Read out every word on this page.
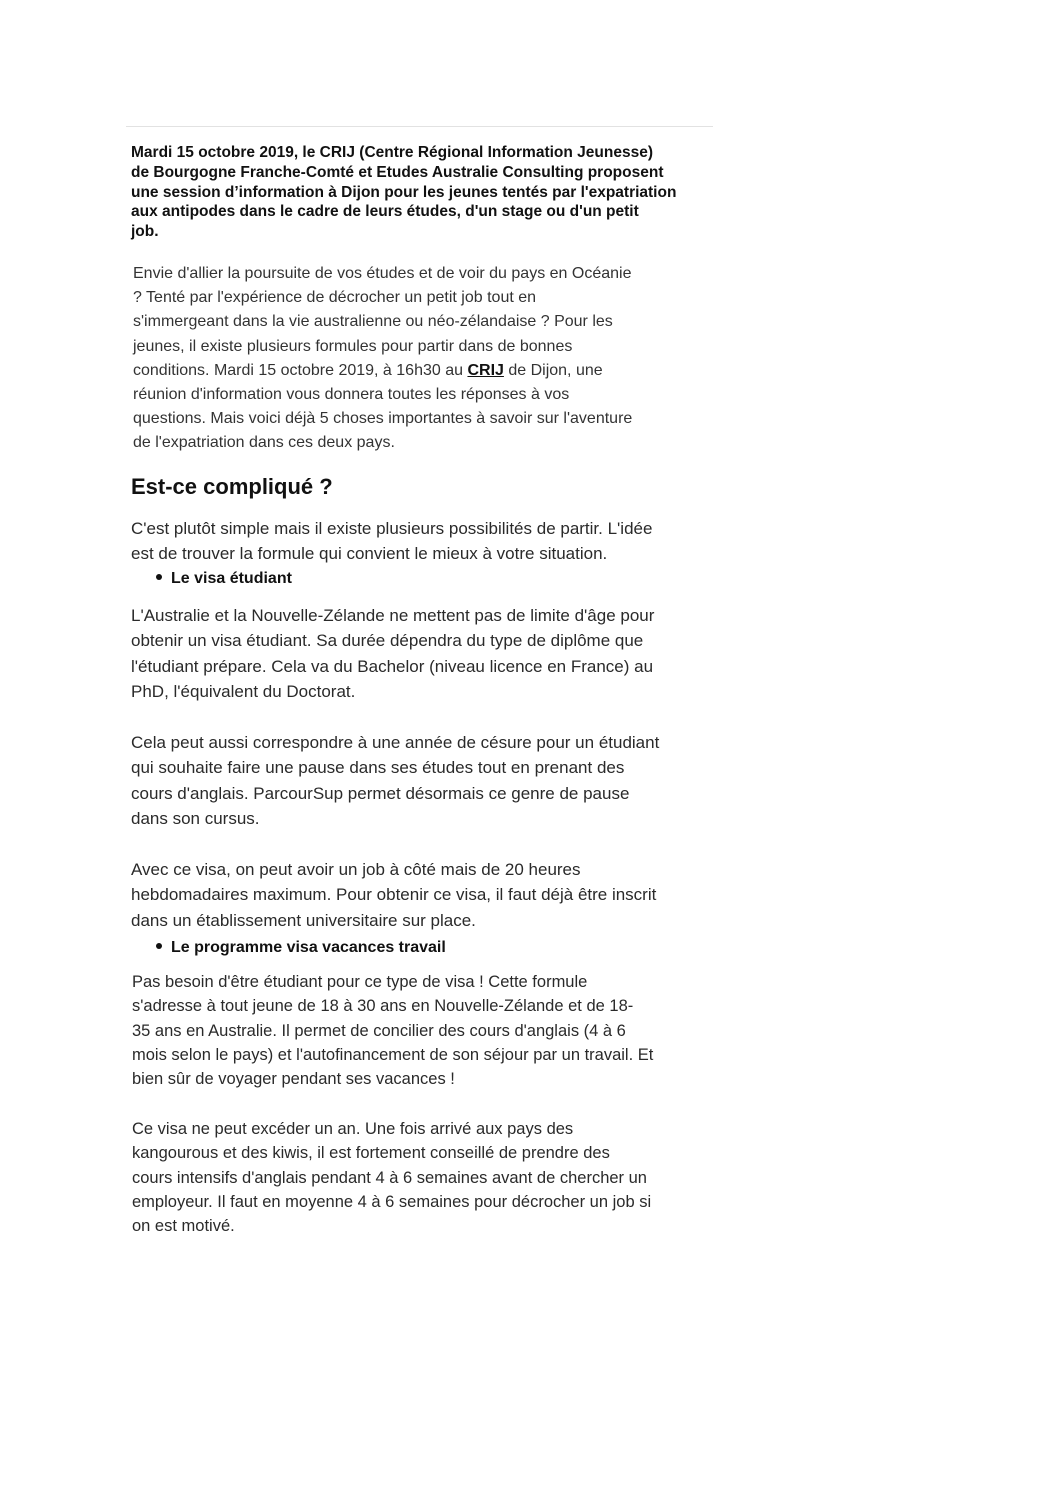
Mardi 15 octobre 2019, le CRIJ (Centre Régional Information Jeunesse)
de Bourgogne Franche-Comté et Etudes Australie Consulting proposent
une session d’information à Dijon pour les jeunes tentés par l'expatriation
aux antipodes dans le cadre de leurs études, d'un stage ou d'un petit
job.
Envie d'allier la poursuite de vos études et de voir du pays en Océanie
? Tenté par l'expérience de décrocher un petit job tout en
s'immergeant dans la vie australienne ou néo-zélandaise ? Pour les
jeunes, il existe plusieurs formules pour partir dans de bonnes
conditions. Mardi 15 octobre 2019, à 16h30 au CRIJ de Dijon, une
réunion d'information vous donnera toutes les réponses à vos
questions. Mais voici déjà 5 choses importantes à savoir sur l'aventure
de l'expatriation dans ces deux pays.
Est-ce compliqué ?
C'est plutôt simple mais il existe plusieurs possibilités de partir. L'idée
est de trouver la formule qui convient le mieux à votre situation.
Le visa étudiant
L'Australie et la Nouvelle-Zélande ne mettent pas de limite d'âge pour
obtenir un visa étudiant. Sa durée dépendra du type de diplôme que
l'étudiant prépare. Cela va du Bachelor (niveau licence en France) au
PhD, l'équivalent du Doctorat.
Cela peut aussi correspondre à une année de césure pour un étudiant
qui souhaite faire une pause dans ses études tout en prenant des
cours d'anglais. ParcourSup permet désormais ce genre de pause
dans son cursus.
Avec ce visa, on peut avoir un job à côté mais de 20 heures
hebdomadaires maximum. Pour obtenir ce visa, il faut déjà être inscrit
dans un établissement universitaire sur place.
Le programme visa vacances travail
Pas besoin d'être étudiant pour ce type de visa ! Cette formule
s'adresse à tout jeune de 18 à 30 ans en Nouvelle-Zélande et de 18-
35 ans en Australie. Il permet de concilier des cours d'anglais (4 à 6
mois selon le pays) et l'autofinancement de son séjour par un travail. Et
bien sûr de voyager pendant ses vacances !
Ce visa ne peut excéder un an. Une fois arrivé aux pays des
kangourous et des kiwis, il est fortement conseillé de prendre des
cours intensifs d'anglais pendant 4 à 6 semaines avant de chercher un
employeur. Il faut en moyenne 4 à 6 semaines pour décrocher un job si
on est motivé.
